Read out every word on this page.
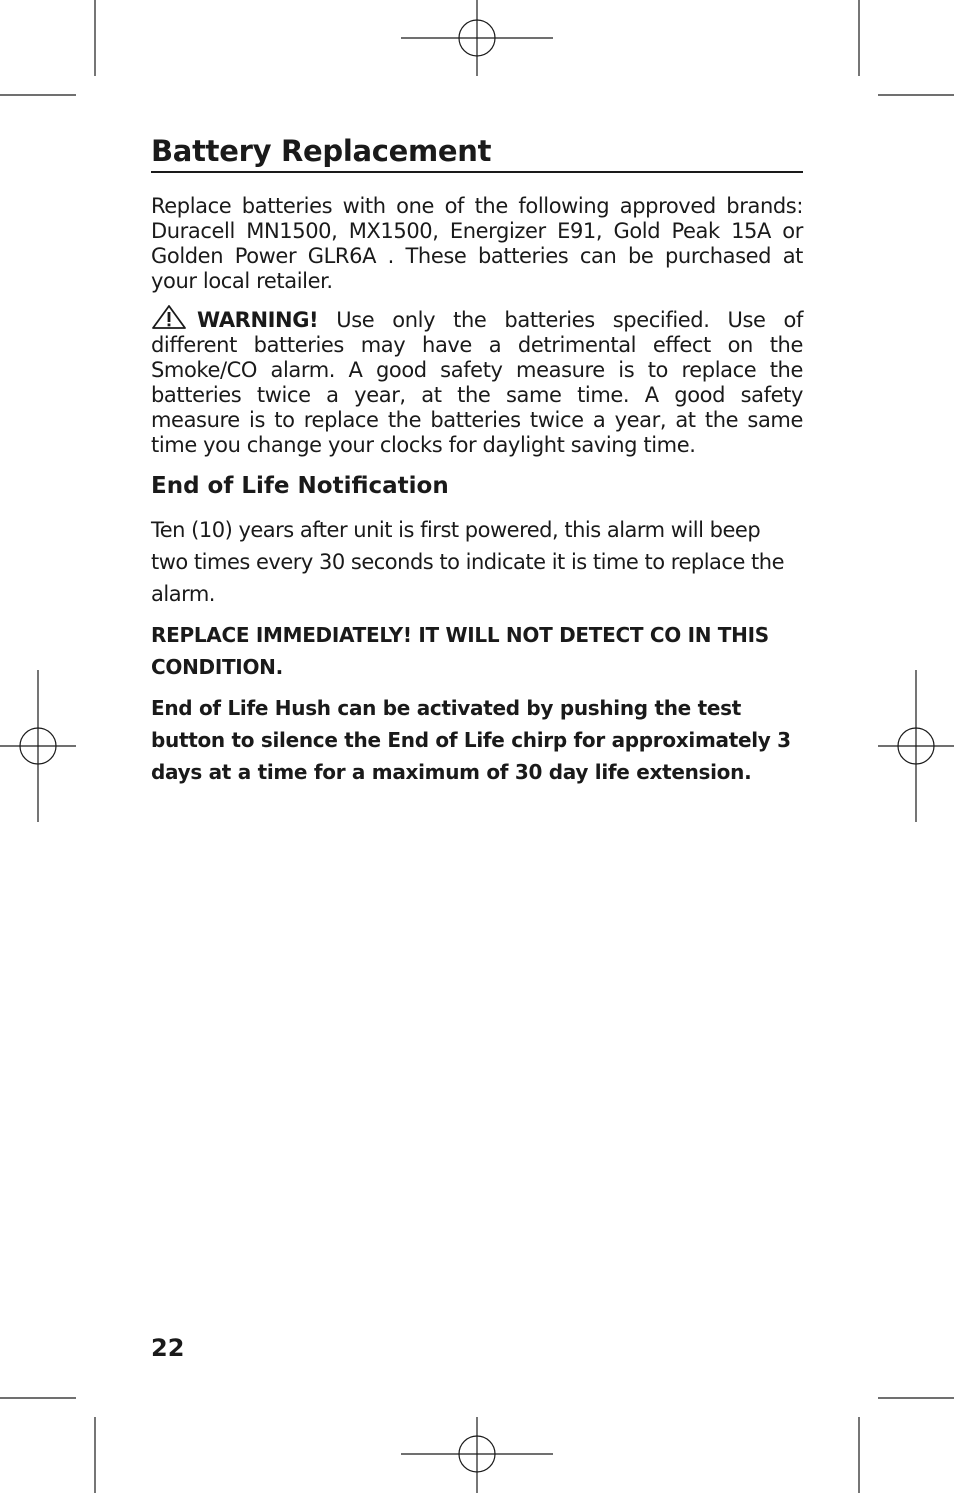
Battery Replacement

Replace batteries with one of the following approved brands: Duracell MN1500, MX1500, Energizer E91, Gold Peak 15A or Golden Power GLR6A . These batteries can be purchased at your local retailer.

WARNING! Use only the batteries specified. Use of different batteries may have a detrimental effect on the Smoke/CO alarm. A good safety measure is to replace the batteries twice a year, at the same time. A good safety measure is to replace the batteries twice a year, at the same time you change your clocks for daylight saving time.

End of Life Notification

Ten (10) years after unit is first powered, this alarm will beep two times every 30 seconds to indicate it is time to replace the alarm.

REPLACE IMMEDIATELY! IT WILL NOT DETECT CO IN THIS CONDITION.

End of Life Hush can be activated by pushing the test button to silence the End of Life chirp for approximately 3 days at a time for a maximum of 30 day life extension.

22
